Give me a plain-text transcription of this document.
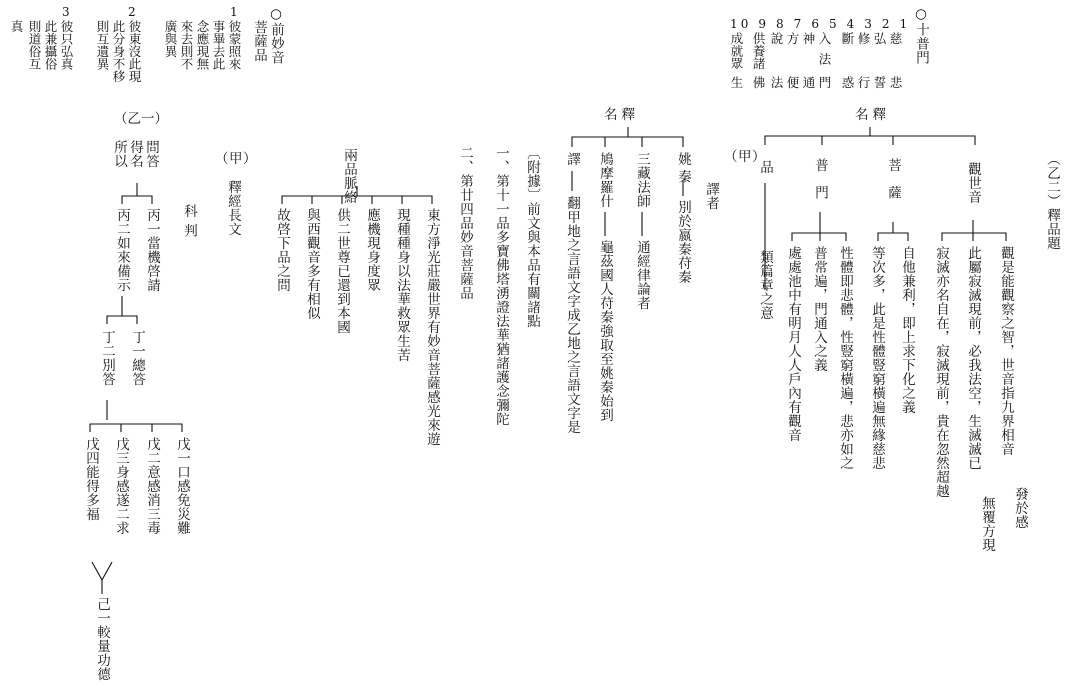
○十普門
10 9 8 7 6 5 4 3 2 1
慈
弘
修
斷
入法
神
方
說
供養諸
成就眾
悲
誓
行
惑
門
通
便
法
佛
生
○前妙音
菩薩品
1
彼蒙照來
事畢去此
念應現無
來去則不
廣與異
2
彼東沒此現
此分身不移
則互遺異
3
彼只弘真
此兼攝俗
則道俗互
真
（乙二）釋品題
名釋
觀世音
菩薩
普門
品
觀是能觀察之智，世音指九界相音
發於感
此屬寂滅現前，必我法空，生滅滅已
無覆方現
寂滅亦名自在，寂滅現前，貴在忽然超越
自他兼利，即上求下化之義
等次多，此是性體豎窮橫遍無緣慈悲
性體即悲體，性豎窮橫遍，悲亦如之
普常遍，門通入之義
處處池中有明月人人戶內有觀音
類篇章之意
（甲）
譯者
名釋
姚秦
別於嬴秦苻秦
三藏法師
通經律論者
鳩摩羅什
龜茲國人苻秦強取至姚秦始到
譯
翻甲地之言語文字成乙地之言語文字是
〔附據〕前文與本品有關諸點
一、第十一品多寶佛塔湧證法華猶諸護念彌陀
二、第廿四品妙音菩薩品
（甲）
釋經長文
科判
兩品脈絡
東方淨光莊嚴世界有妙音菩薩感光來遊
現種種身以法華救眾生苦
應機現身度眾
供二世尊已還到本國
與西觀音多有相似
故啓下品之問
（乙一）
問答
得名
所以
丙一當機啓請
丙二如來備示
丁一總答
丁二別答
戊一口感免災難
戊二意感消三毒
戊三身感遂二求
戊四能得多福
己一較量功德
